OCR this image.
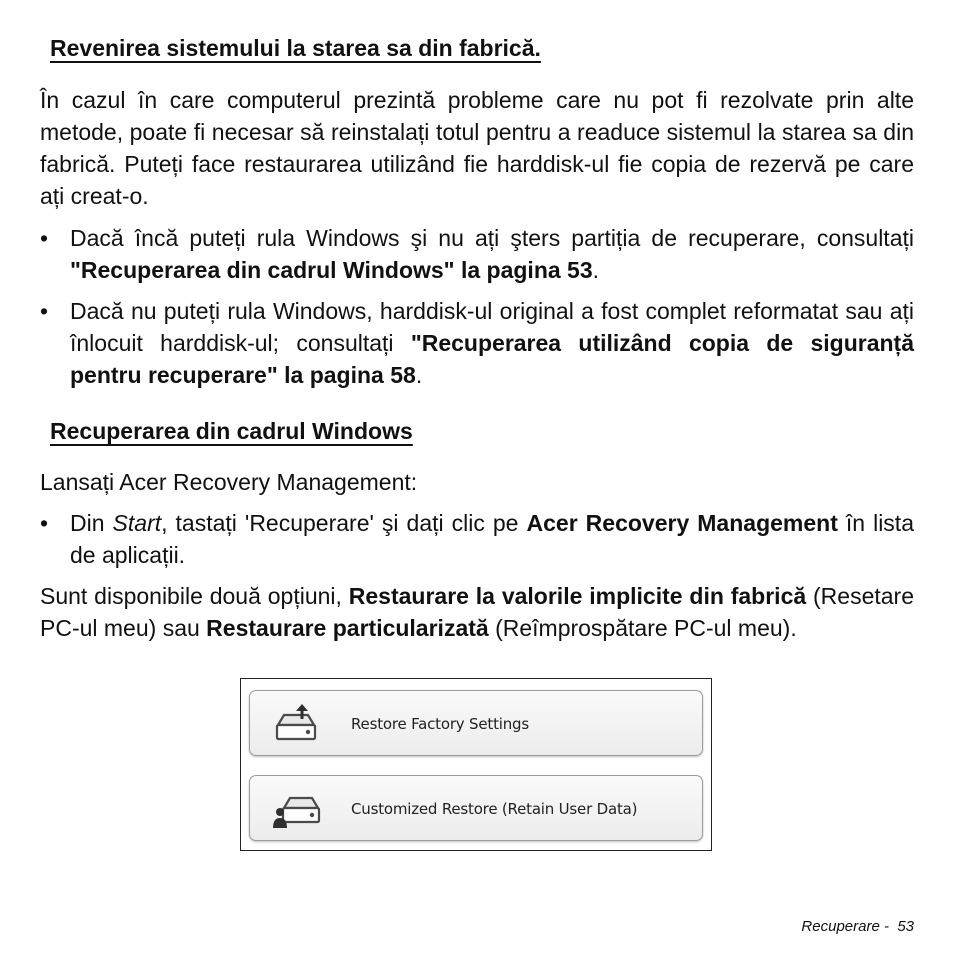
Revenirea sistemului la starea sa din fabrică.

În cazul în care computerul prezintă probleme care nu pot fi rezolvate prin alte metode, poate fi necesar să reinstalați totul pentru a readuce sistemul la starea sa din fabrică. Puteți face restaurarea utilizând fie harddisk-ul fie copia de rezervă pe care ați creat-o.

• Dacă încă puteți rula Windows şi nu ați şters partiția de recuperare, consultați "Recuperarea din cadrul Windows" la pagina 53.
• Dacă nu puteți rula Windows, harddisk-ul original a fost complet reformatat sau ați înlocuit harddisk-ul; consultați "Recuperarea utilizând copia de siguranță pentru recuperare" la pagina 58.
Recuperarea din cadrul Windows

Lansați Acer Recovery Management:

• Din Start, tastați 'Recuperare' şi dați clic pe Acer Recovery Management în lista de aplicații.

Sunt disponibile două opțiuni, Restaurare la valorile implicite din fabrică (Resetare PC-ul meu) sau Restaurare particularizată (Reîmprospătare PC-ul meu).

Restore Factory Settings
Customized Restore (Retain User Data)
Recuperare - 53
